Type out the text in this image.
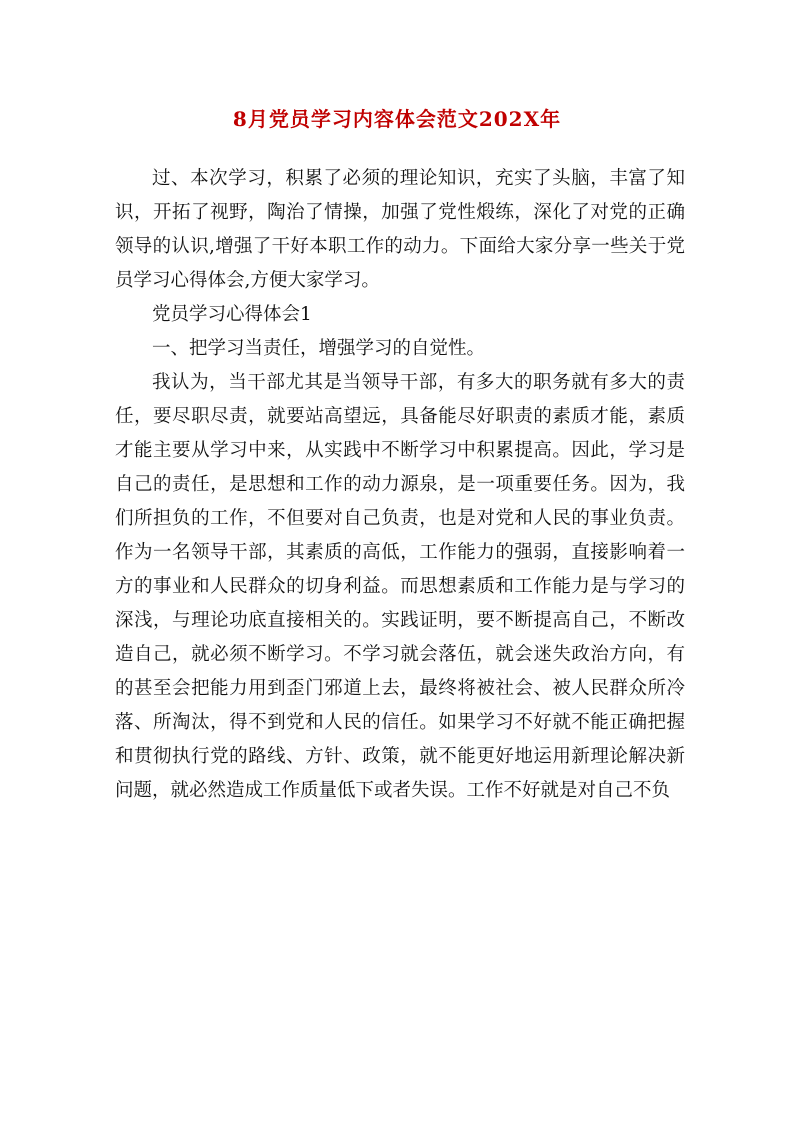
8月党员学习内容体会范文202X年

过、本次学习，积累了必须的理论知识，充实了头脑，丰富了知识，开拓了视野，陶治了情操，加强了党性煅练，深化了对党的正确领导的认识,增强了干好本职工作的动力。下面给大家分享一些关于党员学习心得体会,方便大家学习。

党员学习心得体会1

一、把学习当责任，增强学习的自觉性。

我认为，当干部尤其是当领导干部，有多大的职务就有多大的责任，要尽职尽责，就要站高望远，具备能尽好职责的素质才能，素质才能主要从学习中来，从实践中不断学习中积累提高。因此，学习是自己的责任，是思想和工作的动力源泉，是一项重要任务。因为，我们所担负的工作，不但要对自己负责，也是对党和人民的事业负责。作为一名领导干部，其素质的高低，工作能力的强弱，直接影响着一方的事业和人民群众的切身利益。而思想素质和工作能力是与学习的深浅，与理论功底直接相关的。实践证明，要不断提高自己，不断改造自己，就必须不断学习。不学习就会落伍，就会迷失政治方向，有的甚至会把能力用到歪门邪道上去，最终将被社会、被人民群众所冷落、所淘汰，得不到党和人民的信任。如果学习不好就不能正确把握和贯彻执行党的路线、方针、政策，就不能更好地运用新理论解决新问题，就必然造成工作质量低下或者失误。工作不好就是对自己不负
